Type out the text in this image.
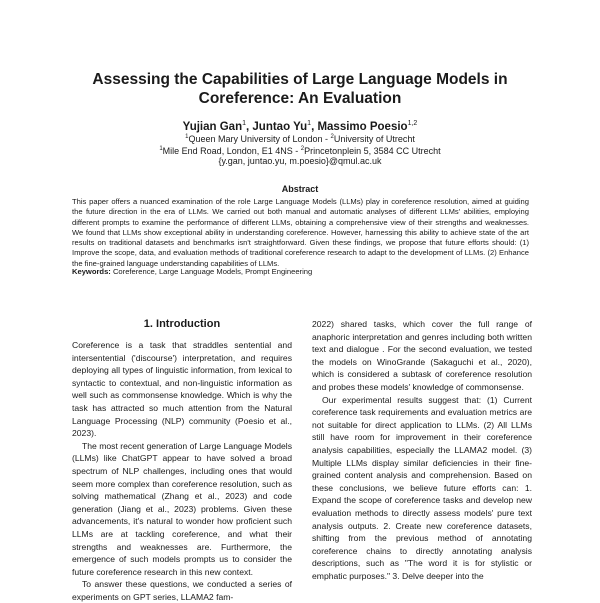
Assessing the Capabilities of Large Language Models in
Coreference: An Evaluation
Yujian Gan$^1$, Juntao Yu$^1$, Massimo Poesio$^{1,2}$
$^1$Queen Mary University of London - $^2$University of Utrecht
$^1$Mile End Road, London, E1 4NS - $^2$Princetonplein 5, 3584 CC Utrecht
{y.gan, juntao.yu, m.poesio}@qmul.ac.uk
Abstract
This paper offers a nuanced examination of the role Large Language Models (LLMs) play in coreference resolution, aimed at guiding the future direction in the era of LLMs. We carried out both manual and automatic analyses of different LLMs' abilities, employing different prompts to examine the performance of different LLMs, obtaining a comprehensive view of their strengths and weaknesses. We found that LLMs show exceptional ability in understanding coreference. However, harnessing this ability to achieve state of the art results on traditional datasets and benchmarks isn't straightforward. Given these findings, we propose that future efforts should: (1) Improve the scope, data, and evaluation methods of traditional coreference research to adapt to the development of LLMs. (2) Enhance the fine-grained language understanding capabilities of LLMs.
Keywords: Coreference, Large Language Models, Prompt Engineering
1. Introduction

Coreference is a task that straddles sentential and intersentential ('discourse') interpretation, and requires deploying all types of linguistic information, from lexical to syntactic to contextual, and non-linguistic information as well such as commonsense knowledge. Which is why the task has attracted so much attention from the Natural Language Processing (NLP) community (Poesio et al., 2023).

The most recent generation of Large Language Models (LLMs) like ChatGPT appear to have solved a broad spectrum of NLP challenges, including ones that would seem more complex than coreference resolution, such as solving mathematical (Zhang et al., 2023) and code generation (Jiang et al., 2023) problems. Given these advancements, it's natural to wonder how proficient such LLMs are at tackling coreference, and what their strengths and weaknesses are. Furthermore, the emergence of such models prompts us to consider the future coreference research in this new context.

To answer these questions, we conducted a series of experiments on GPT series, LLAMA2 fam-

2022) shared tasks, which cover the full range of anaphoric interpretation and genres including both written text and dialogue . For the second evaluation, we tested the models on WinoGrande (Sakaguchi et al., 2020), which is considered a subtask of coreference resolution and probes these models' knowledge of commonsense.

Our experimental results suggest that: (1) Current coreference task requirements and evaluation metrics are not suitable for direct application to LLMs. (2) All LLMs still have room for improvement in their coreference analysis capabilities, especially the LLAMA2 model. (3) Multiple LLMs display similar deficiencies in their fine-grained content analysis and comprehension. Based on these conclusions, we believe future efforts can: 1. Expand the scope of coreference tasks and develop new evaluation methods to directly assess models' pure text analysis outputs. 2. Create new coreference datasets, shifting from the previous method of annotating coreference chains to directly annotating analysis descriptions, such as "The word it is for stylistic or emphatic purposes." 3. Delve deeper into the
